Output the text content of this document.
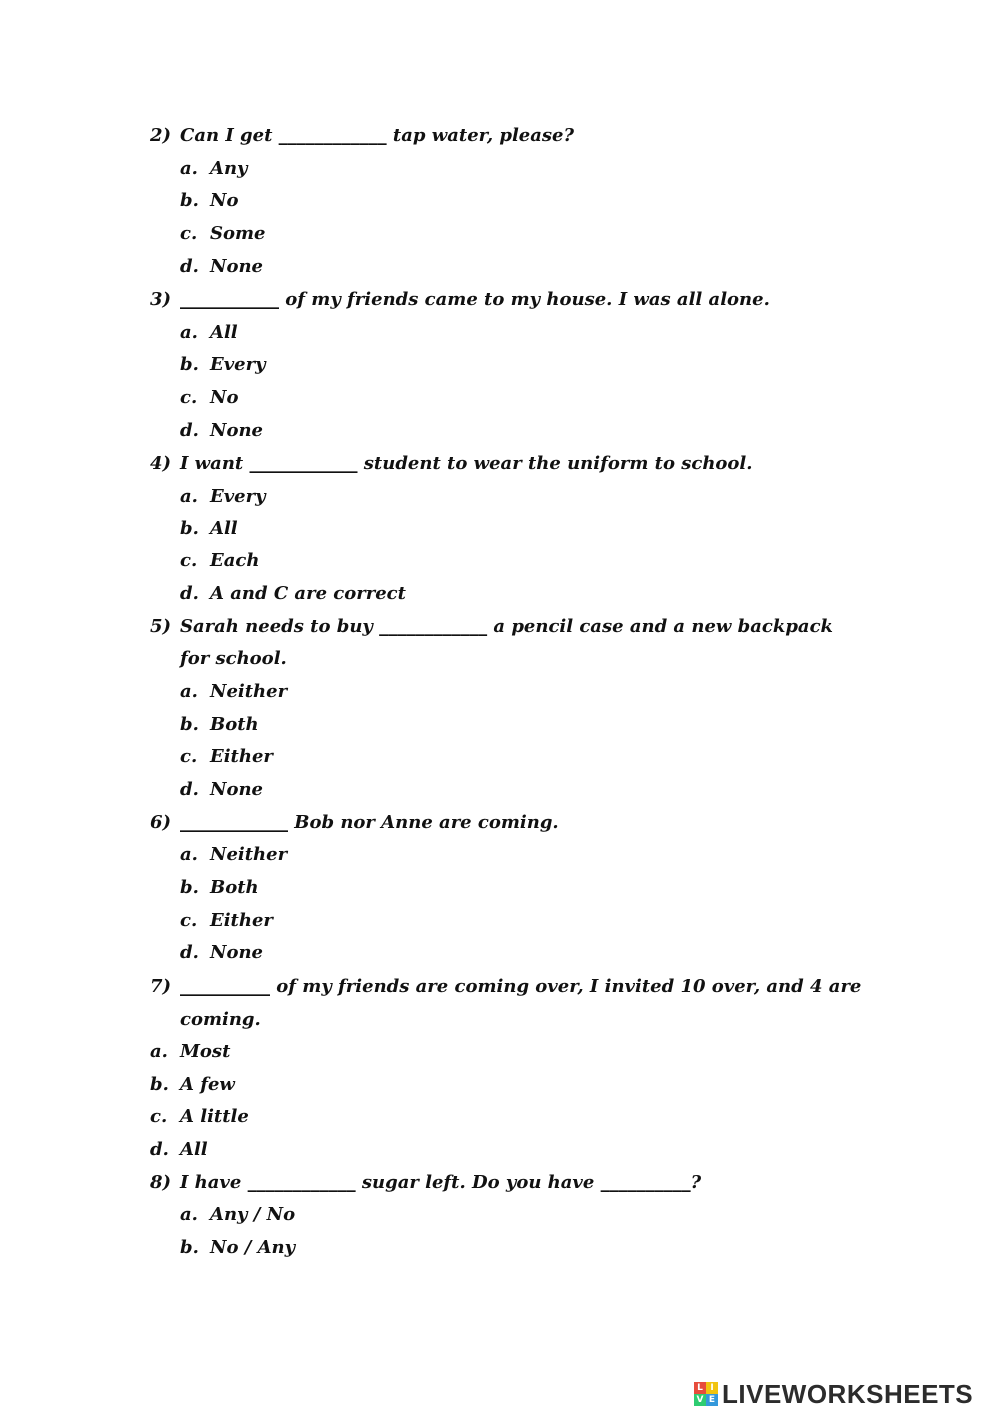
2) Can I get ____________ tap water, please?
a. Any
b. No
c. Some
d. None
3) ___________ of my friends came to my house. I was all alone.
a. All
b. Every
c. No
d. None
4) I want ____________ student to wear the uniform to school.
a. Every
b. All
c. Each
d. A and C are correct
5) Sarah needs to buy ____________ a pencil case and a new backpack
for school.
a. Neither
b. Both
c. Either
d. None
6) ____________ Bob nor Anne are coming.
a. Neither
b. Both
c. Either
d. None
7) __________ of my friends are coming over, I invited 10 over, and 4 are
coming.
a. Most
b. A few
c. A little
d. All
8) I have ____________ sugar left. Do you have __________?
a. Any / No
b. No / Any
L I
V E LIVEWORKSHEETS
